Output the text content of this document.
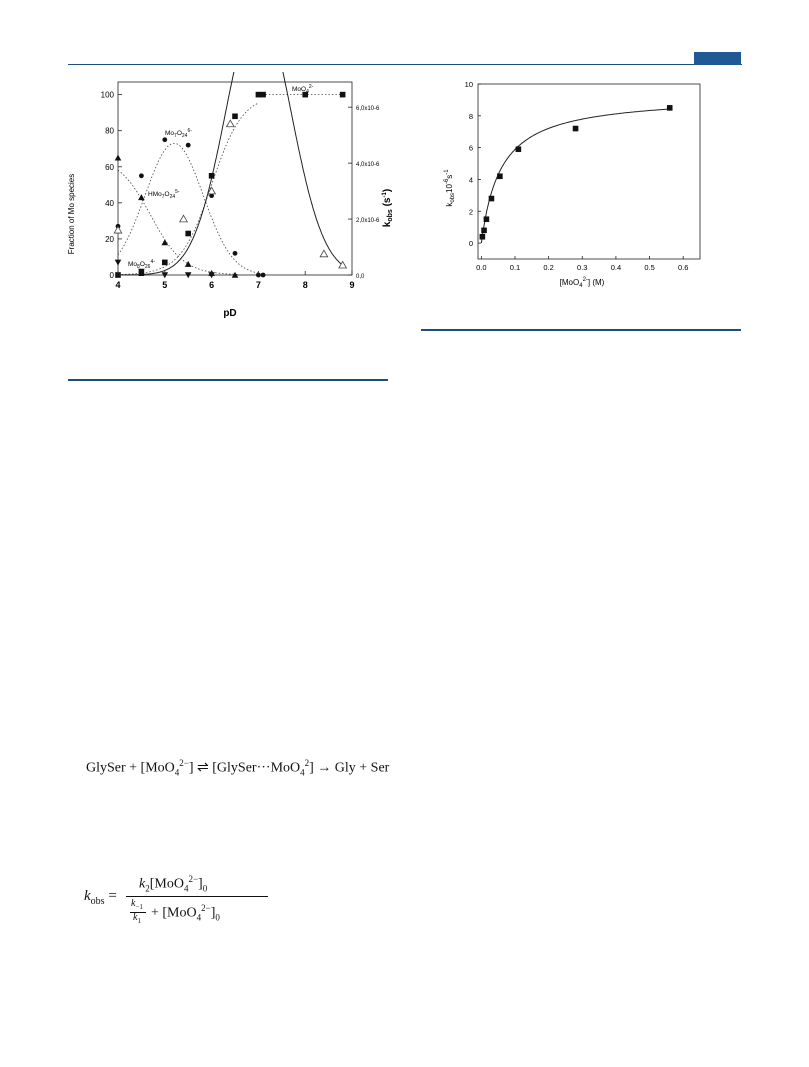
4	5	6	7	8	9
0
20
40
60
80
100
0,0
2,0x10-6
4,0x10-6
6,0x10-6
pD
Fraction of Mo species	$k_{obs}$ $(s^{-1})$
MoO$_4^{2-}$
$Mo_7O_{24}^{6-}$
$HMo_7O_{24}^{5-}$
$Mo_8O_{26}^{4-}$
0.0	0.1	0.2	0.3	0.4	0.5	0.6
0
2
4
6
8
10
[MoO$_4^{2-}$] (M)
$k_{obs}10^{-6}s^{-1}$
GlySer + [MoO$_4^{2-}$] ⇌ [GlySer···MoO$_4^2$] → Gly + Ser
$k_{obs}$ =
$k_2[MoO_4^{2-}]_0$
$k_{-1}$
$k_1$
+ $[MoO_4^{2-}]_0$
